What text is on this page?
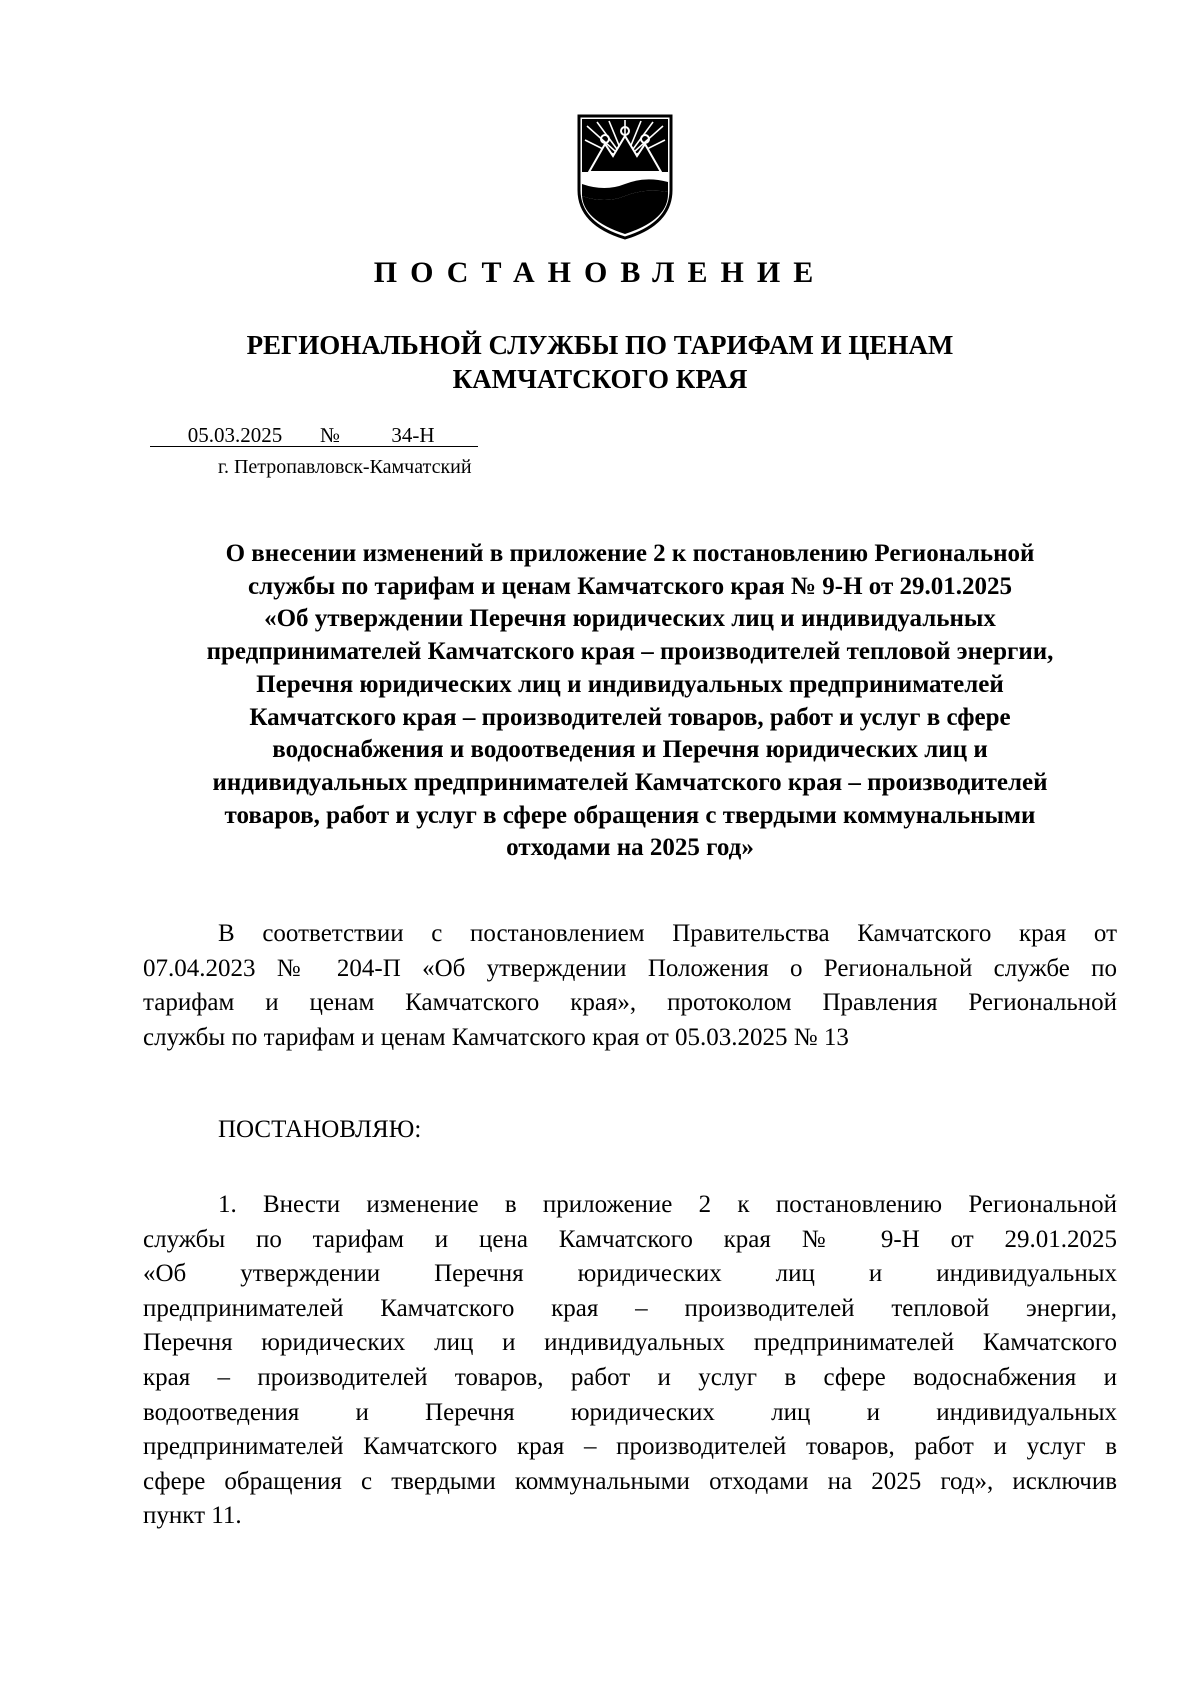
ПОСТАНОВЛЕНИЕ
РЕГИОНАЛЬНОЙ СЛУЖБЫ ПО ТАРИФАМ И ЦЕНАМ
КАМЧАТСКОГО КРАЯ
05.03.2025 № 34-Н
г. Петропавловск-Камчатский
О внесении изменений в приложение 2 к постановлению Региональной
службы по тарифам и ценам Камчатского края № 9-Н от 29.01.2025
«Об утверждении Перечня юридических лиц и индивидуальных
предпринимателей Камчатского края – производителей тепловой энергии,
Перечня юридических лиц и индивидуальных предпринимателей
Камчатского края – производителей товаров, работ и услуг в сфере
водоснабжения и водоотведения и Перечня юридических лиц и
индивидуальных предпринимателей Камчатского края – производителей
товаров, работ и услуг в сфере обращения с твердыми коммунальными
отходами на 2025 год»
В соответствии с постановлением Правительства Камчатского края от
07.04.2023 № 204-П «Об утверждении Положения о Региональной службе по
тарифам и ценам Камчатского края», протоколом Правления Региональной
службы по тарифам и ценам Камчатского края от 05.03.2025 № 13
ПОСТАНОВЛЯЮ:
1. Внести изменение в приложение 2 к постановлению Региональной
службы по тарифам и цена Камчатского края № 9-Н от 29.01.2025
«Об утверждении Перечня юридических лиц и индивидуальных
предпринимателей Камчатского края – производителей тепловой энергии,
Перечня юридических лиц и индивидуальных предпринимателей Камчатского
края – производителей товаров, работ и услуг в сфере водоснабжения и
водоотведения и Перечня юридических лиц и индивидуальных
предпринимателей Камчатского края – производителей товаров, работ и услуг в
сфере обращения с твердыми коммунальными отходами на 2025 год», исключив
пункт 11.
